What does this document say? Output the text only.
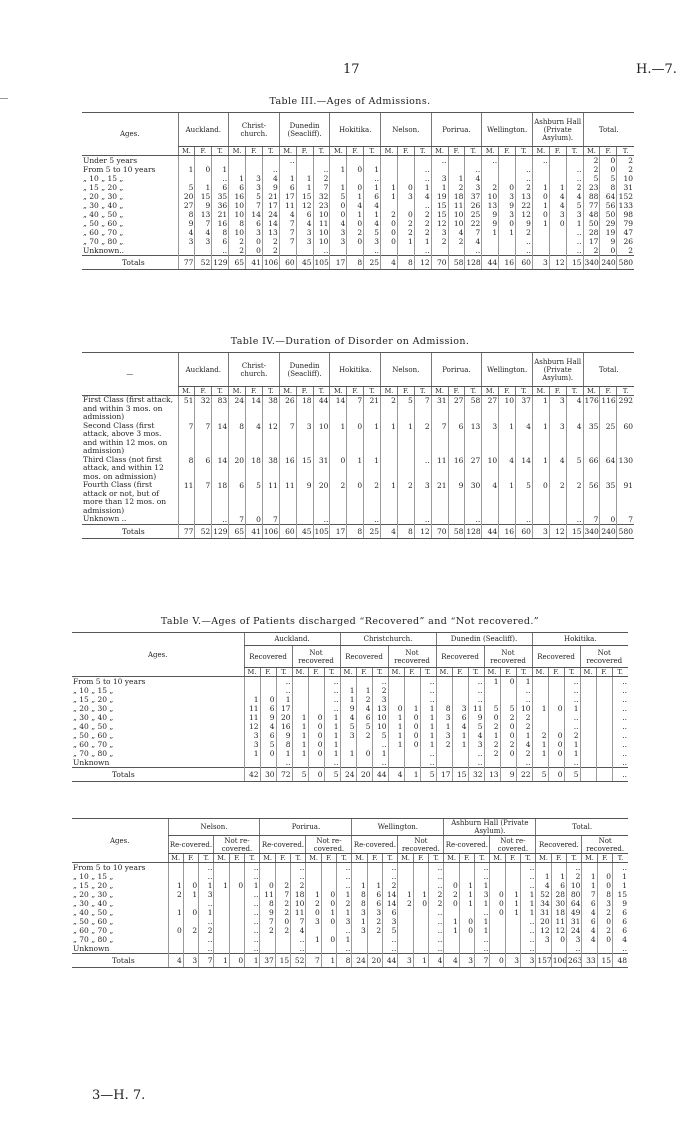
17	H.—7.
Table III.—Ages of Admissions.
Ages.	Auckland.			Christ-church.			Dunedin (Seacliff).			Hokitika.			Nelson.			Porirua.			Wellington.			Ashburn Hall (Private Asylum).			Total.		
	M.	F.	T.	M.	F.	T.	M.	F.	T.	M.	F.	T.	M.	F.	T.	M.	F.	T.	M.	F.	T.	M.	F.	T.	M.	F.	T.
Under 5 years							..									..			..			..			2	0	2
From 5 to 10 years	1	0	1			..			..	1	0	1			..			..			..			..	2	0	2
„ 10 „ 15 „			..	1	3	4	1	1	2			..			..	3	1	4			..			..	5	5	10
„ 15 „ 20 „	5	1	6	6	3	9	6	1	7	1	0	1	1	0	1	1	2	3	2	0	2	1	1	2	23	8	31
„ 20 „ 30 „	20	15	35	16	5	21	17	15	32	5	1	6	1	3	4	19	18	37	10	3	13	0	4	4	88	64	152
„ 30 „ 40 „	27	9	36	10	7	17	11	12	23	0	4	4			..	15	11	26	13	9	22	1	4	5	77	56	133
„ 40 „ 50 „	8	13	21	10	14	24	4	6	10	0	1	1	2	0	2	15	10	25	9	3	12	0	3	3	48	50	98
„ 50 „ 60 „	9	7	16	8	6	14	7	4	11	4	0	4	0	2	2	12	10	22	9	0	9	1	0	1	50	29	79
„ 60 „ 70 „	4	4	8	10	3	13	7	3	10	3	2	5	0	2	2	3	4	7	1	1	2			..	28	19	47
„ 70 „ 80 „	3	3	6	2	0	2	7	3	10	3	0	3	0	1	1	2	2	4			..			..	17	9	26
Unknown..			..	2	0	2			..			..			..			..			..			..	2	0	2
Totals	77	52	129	65	41	106	60	45	105	17	8	25	4	8	12	70	58	128	44	16	60	3	12	15	340	240	580
Table IV.—Duration of Disorder on Admission.
—	Auckland.			Christ-church.			Dunedin (Seacliff).			Hokitika.			Nelson.			Porirua.			Wellington.			Ashburn Hall (Private Asylum).			Total.		
	M.	F.	T.	M.	F.	T.	M.	F.	T.	M.	F.	T.	M.	F.	T.	M.	F.	T.	M.	F.	T.	M.	F.	T.	M.	F.	T.
First Class (first attack, and within 3 mos. on admission)	51	32	83	24	14	38	26	18	44	14	7	21	2	5	7	31	27	58	27	10	37	1	3	4	176	116	292
Second Class (first attack, above 3 mos. and within 12 mos. on admission)	7	7	14	8	4	12	7	3	10	1	0	1	1	1	2	7	6	13	3	1	4	1	3	4	35	25	60
Third Class (not first attack, and within 12 mos. on admission)	8	6	14	20	18	38	16	15	31	0	1	1			..	11	16	27	10	4	14	1	4	5	66	64	130
Fourth Class (first attack or not, but of more than 12 mos. on admission)	11	7	18	6	5	11	11	9	20	2	0	2	1	2	3	21	9	30	4	1	5	0	2	2	56	35	91
Unknown ..			..	7	0	7			..			..			..			..			..			..	7	0	7
Totals	77	52	129	65	41	106	60	45	105	17	8	25	4	8	12	70	58	128	44	16	60	3	12	15	340	240	580
Table V.—Ages of Patients discharged “Recovered” and “Not recovered.”
Ages.	Auckland.						Christchurch.						Dunedin (Seacliff).						Hokitika.					
	Recovered			Not recovered			Recovered			Not recovered			Recovered			Not recovered			Recovered			Not recovered		
	M.	F.	T.	M.	F.	T.	M.	F.	T.	M.	F.	T.	M.	F.	T.	M.	F.	T.	M.	F.	T.	M.	F.	T.
From 5 to 10 years			..			..			..			..			..	1	0	1			..			..
„ 10 „ 15 „			..			..	1	1	2			..			..			..			..			..
„ 15 „ 20 „	1	0	1			..	1	2	3			..			..			..			..			..
„ 20 „ 30 „	11	6	17			..	9	4	13	0	1	1	8	3	11	5	5	10	1	0	1			..
„ 30 „ 40 „	11	9	20	1	0	1	4	6	10	1	0	1	3	6	9	0	2	2			..			..
„ 40 „ 50 „	12	4	16	1	0	1	5	5	10	1	0	1	1	4	5	2	0	2			..			..
„ 50 „ 60 „	3	6	9	1	0	1	3	2	5	1	0	1	3	1	4	1	0	1	2	0	2			..
„ 60 „ 70 „	3	5	8	1	0	1			..	1	0	1	2	1	3	2	2	4	1	0	1			..
„ 70 „ 80 „	1	0	1	1	0	1	1	0	1			..			..	2	0	2	1	0	1			..
Unknown			..			..			..			..			..			..			..			..
Totals	42	30	72	5	0	5	24	20	44	4	1	5	17	15	32	13	9	22	5	0	5			..
Ages.	Nelson.						Porirua.						Wellington.						Ashburn Hall (Private Asylum).						Total.					
	Re-covered.			Not re-covered.			Re-covered.			Not re-covered.			Re-covered.			Not recovered.			Re-covered.			Not re-covered.			Recovered.			Not recovered.		
	M.	F.	T.	M.	F.	T.	M.	F.	T.	M.	F.	T.	M.	F.	T.	M.	F.	T.	M.	F.	T.	M.	F.	T.	M.	F.	T.	M.	F.	T.
From 5 to 10 years			..			..			..			..			..			..			..			..			..			..
„ 10 „ 15 „			..			..			..			..			..			..			..			..	1	1	2	1	0	1
„ 15 „ 20 „	1	0	1	1	0	1	0	2	2			..	1	1	2			..	0	1	1			..	4	6	10	1	0	1
„ 20 „ 30 „	2	1	3			..	11	7	18	1	0	1	8	6	14	1	1	2	2	1	3	0	1	1	52	28	80	7	8	15
„ 30 „ 40 „			..			..	8	2	10	2	0	2	8	6	14	2	0	2	0	1	1	0	1	1	34	30	64	6	3	9
„ 40 „ 50 „	1	0	1			..	9	2	11	0	1	1	3	3	6			..			..	0	1	1	31	18	49	4	2	6
„ 50 „ 60 „			..			..	7	0	7	3	0	3	1	2	3			..	1	0	1			..	20	11	31	6	0	6
„ 60 „ 70 „	0	2	2			..	2	2	4			..	3	2	5			..	1	0	1			..	12	12	24	4	2	6
„ 70 „ 80 „			..			..			..	1	0	1			..			..			..			..	3	0	3	4	0	4
Unknown			..			..			..			..			..			..			..			..			..			..
Totals	4	3	7	1	0	1	37	15	52	7	1	8	24	20	44	3	1	4	4	3	7	0	3	3	157	106	263	33	15	48
3—H. 7.
